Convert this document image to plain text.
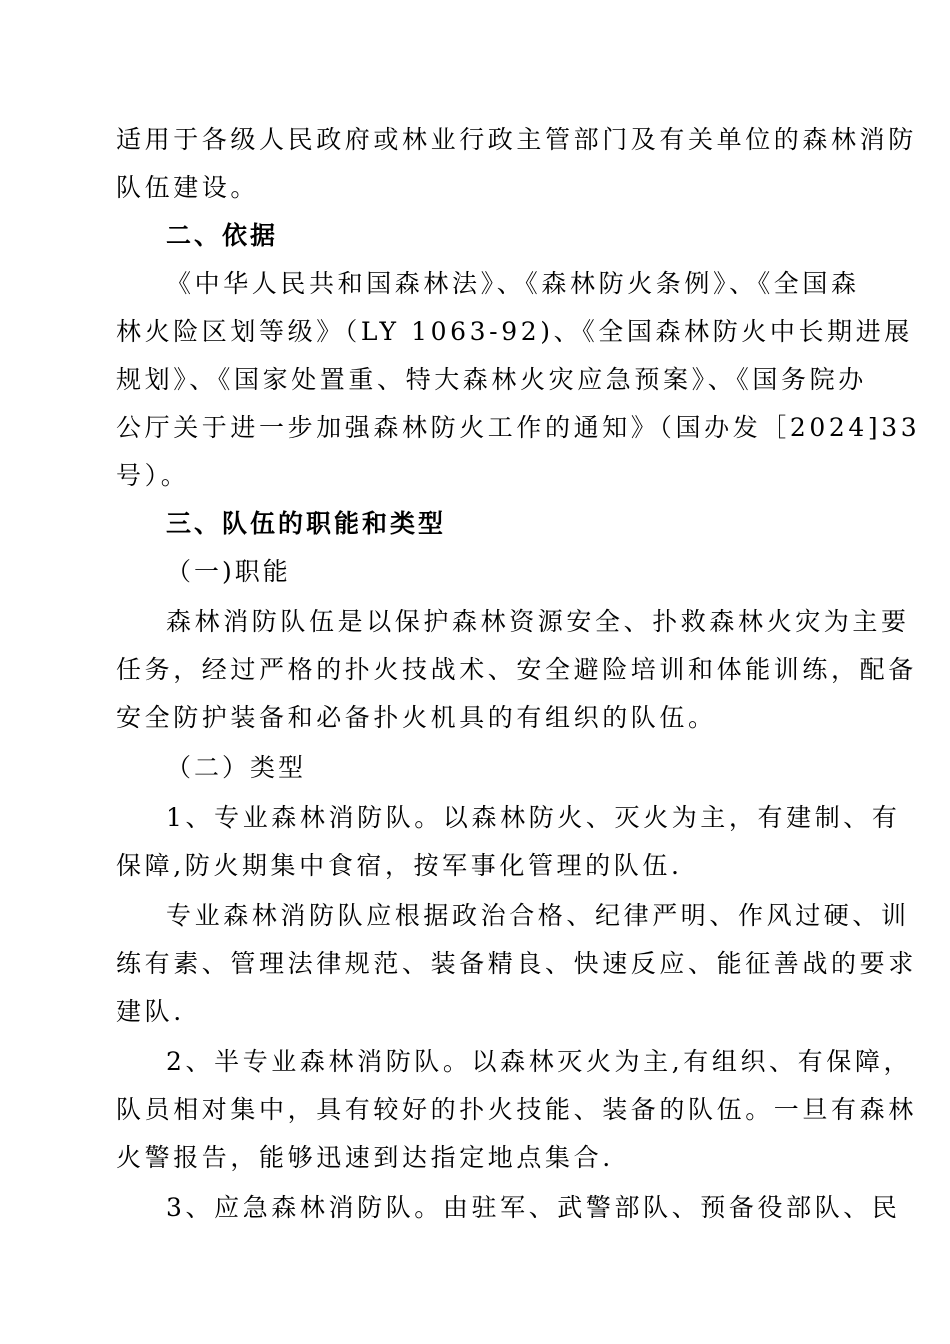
适用于各级人民政府或林业行政主管部门及有关单位的森林消防
队伍建设。
二、依据
《中华人民共和国森林法》、《森林防火条例》、《全国森
林火险区划等级》（LY 1063-92)、《全国森林防火中长期进展
规划》、《国家处置重、特大森林火灾应急预案》、《国务院办
公厅关于进一步加强森林防火工作的通知》（国办发［2024]33
号）。
三、队伍的职能和类型
（一)职能
森林消防队伍是以保护森林资源安全、扑救森林火灾为主要
任务，经过严格的扑火技战术、安全避险培训和体能训练，配备
安全防护装备和必备扑火机具的有组织的队伍。
（二）类型
1、专业森林消防队。以森林防火、灭火为主，有建制、有
保障,防火期集中食宿，按军事化管理的队伍.
专业森林消防队应根据政治合格、纪律严明、作风过硬、训
练有素、管理法律规范、装备精良、快速反应、能征善战的要求
建队.
2、半专业森林消防队。以森林灭火为主,有组织、有保障，
队员相对集中，具有较好的扑火技能、装备的队伍。一旦有森林
火警报告，能够迅速到达指定地点集合.
3、应急森林消防队。由驻军、武警部队、预备役部队、民
